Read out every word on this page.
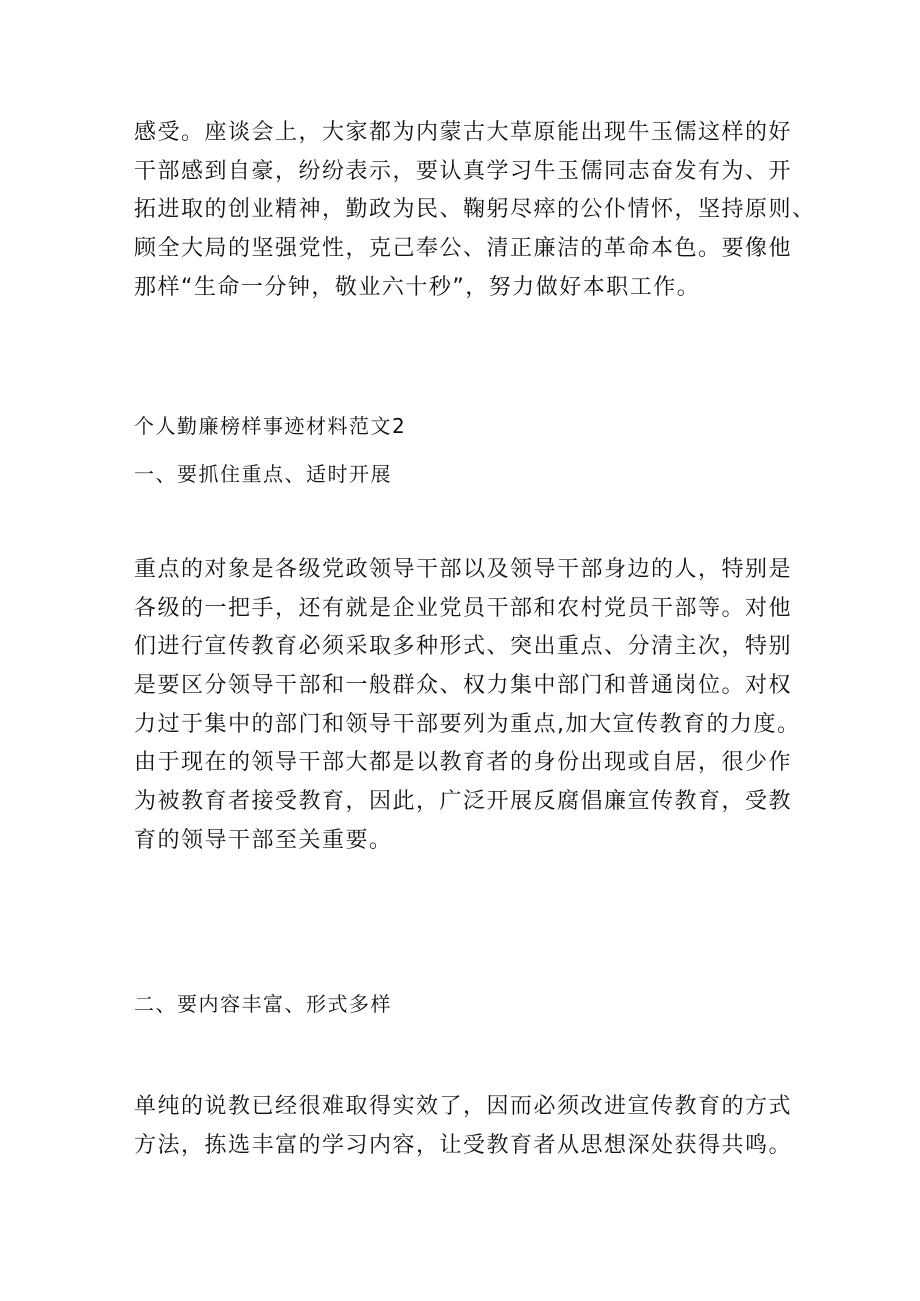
感受。座谈会上，大家都为内蒙古大草原能出现牛玉儒这样的好
干部感到自豪，纷纷表示，要认真学习牛玉儒同志奋发有为、开
拓进取的创业精神，勤政为民、鞠躬尽瘁的公仆情怀，坚持原则、
顾全大局的坚强党性，克己奉公、清正廉洁的革命本色。要像他
那样“生命一分钟，敬业六十秒”，努力做好本职工作。
个人勤廉榜样事迹材料范文2
一、要抓住重点、适时开展
重点的对象是各级党政领导干部以及领导干部身边的人，特别是
各级的一把手，还有就是企业党员干部和农村党员干部等。对他
们进行宣传教育必须采取多种形式、突出重点、分清主次，特别
是要区分领导干部和一般群众、权力集中部门和普通岗位。对权
力过于集中的部门和领导干部要列为重点,加大宣传教育的力度。
由于现在的领导干部大都是以教育者的身份出现或自居，很少作
为被教育者接受教育，因此，广泛开展反腐倡廉宣传教育，受教
育的领导干部至关重要。
二、要内容丰富、形式多样
单纯的说教已经很难取得实效了，因而必须改进宣传教育的方式
方法，拣选丰富的学习内容，让受教育者从思想深处获得共鸣。
